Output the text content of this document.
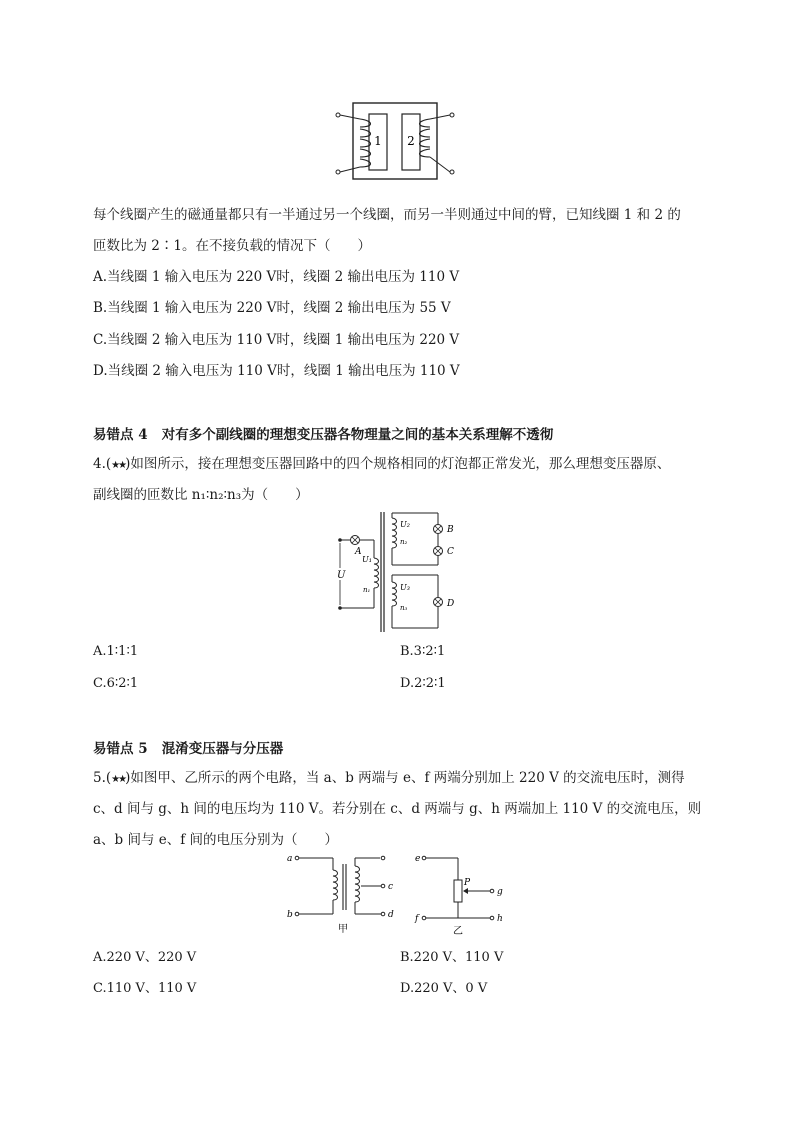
1 2
每个线圈产生的磁通量都只有一半通过另一个线圈，而另一半则通过中间的臂，已知线圈 1 和 2 的
匝数比为 2∶1。在不接负载的情况下（　　）
A.当线圈 1 输入电压为 220 V时，线圈 2 输出电压为 110 V
B.当线圈 1 输入电压为 220 V时，线圈 2 输出电压为 55 V
C.当线圈 2 输入电压为 110 V时，线圈 1 输出电压为 220 V
D.当线圈 2 输入电压为 110 V时，线圈 1 输出电压为 110 V
易错点 4 对有多个副线圈的理想变压器各物理量之间的基本关系理解不透彻
4.(★★)如图所示，接在理想变压器回路中的四个规格相同的灯泡都正常发光，那么理想变压器原、
副线圈的匝数比 n₁∶n₂∶n₃为（　　）
U
A
U₁
n₁
U₂
n₂
B
C
U₃
n₃	D
A.1∶1∶1	B.3∶2∶1
C.6∶2∶1	D.2∶2∶1
易错点 5 混淆变压器与分压器
5.(★★)如图甲、乙所示的两个电路，当 a、b 两端与 e、f 两端分别加上 220 V 的交流电压时，测得
c、d 间与 g、h 间的电压均为 110 V。若分别在 c、d 两端与 g、h 两端加上 110 V 的交流电压，则
a、b 间与 e、f 间的电压分别为（　　）
a
b
c
d
甲
e
f
P
g
h
乙
A.220 V、220 V	B.220 V、110 V
C.110 V、110 V	D.220 V、0 V
